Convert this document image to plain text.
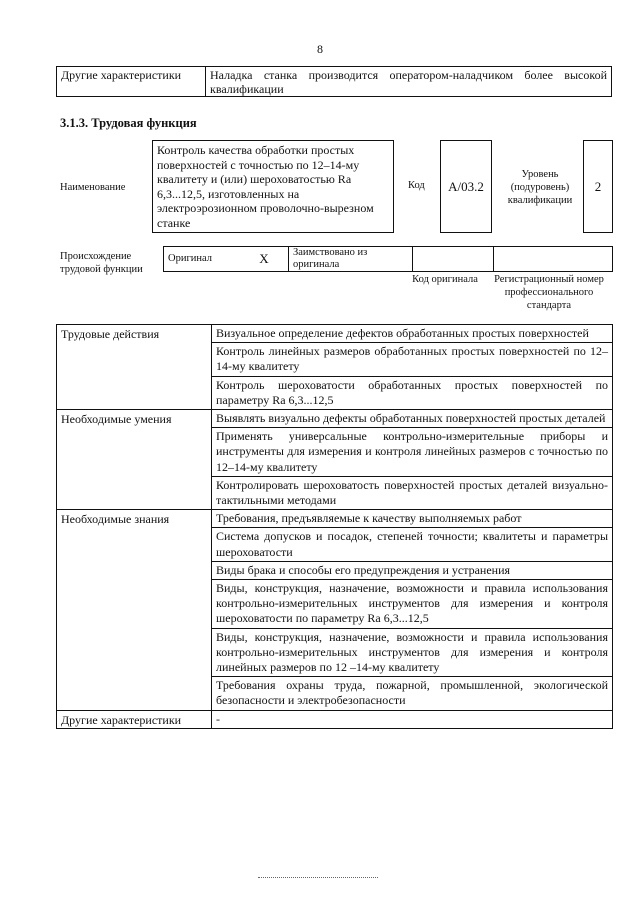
8
Другие характеристики	Наладка станка производится оператором-наладчиком более высокой квалификации
3.1.3. Трудовая функция
Наименование
Контроль качества обработки простых поверхностей с точностью по 12–14-му квалитету и (или) шероховатостью Ra 6,3...12,5, изготовленных на электроэрозионном проволочно-вырезном станке
Код	А/03.2
Уровень (подуровень) квалификации
2
Происхождение трудовой функции
Оригинал	X	Заимствовано из оригинала		
Код оригинала	Регистрационный номер профессионального стандарта
Трудовые действия	Визуальное определение дефектов обработанных простых поверхностей
	Контроль линейных размеров обработанных простых поверхностей по 12–14-му квалитету
	Контроль шероховатости обработанных простых поверхностей по параметру Ra 6,3...12,5
Необходимые умения	Выявлять визуально дефекты обработанных поверхностей простых деталей
	Применять универсальные контрольно-измерительные приборы и инструменты для измерения и контроля линейных размеров с точностью по 12–14-му квалитету
	Контролировать шероховатость поверхностей простых деталей визуально-тактильными методами
Необходимые знания	Требования, предъявляемые к качеству выполняемых работ
	Система допусков и посадок, степеней точности; квалитеты и параметры шероховатости
	Виды брака и способы его предупреждения и устранения
	Виды, конструкция, назначение, возможности и правила использования контрольно-измерительных инструментов для измерения и контроля шероховатости по параметру Ra 6,3...12,5
	Виды, конструкция, назначение, возможности и правила использования контрольно-измерительных инструментов для измерения и контроля линейных размеров по 12 –14-му квалитету
	Требования охраны труда, пожарной, промышленной, экологической безопасности и электробезопасности
Другие характеристики	-
